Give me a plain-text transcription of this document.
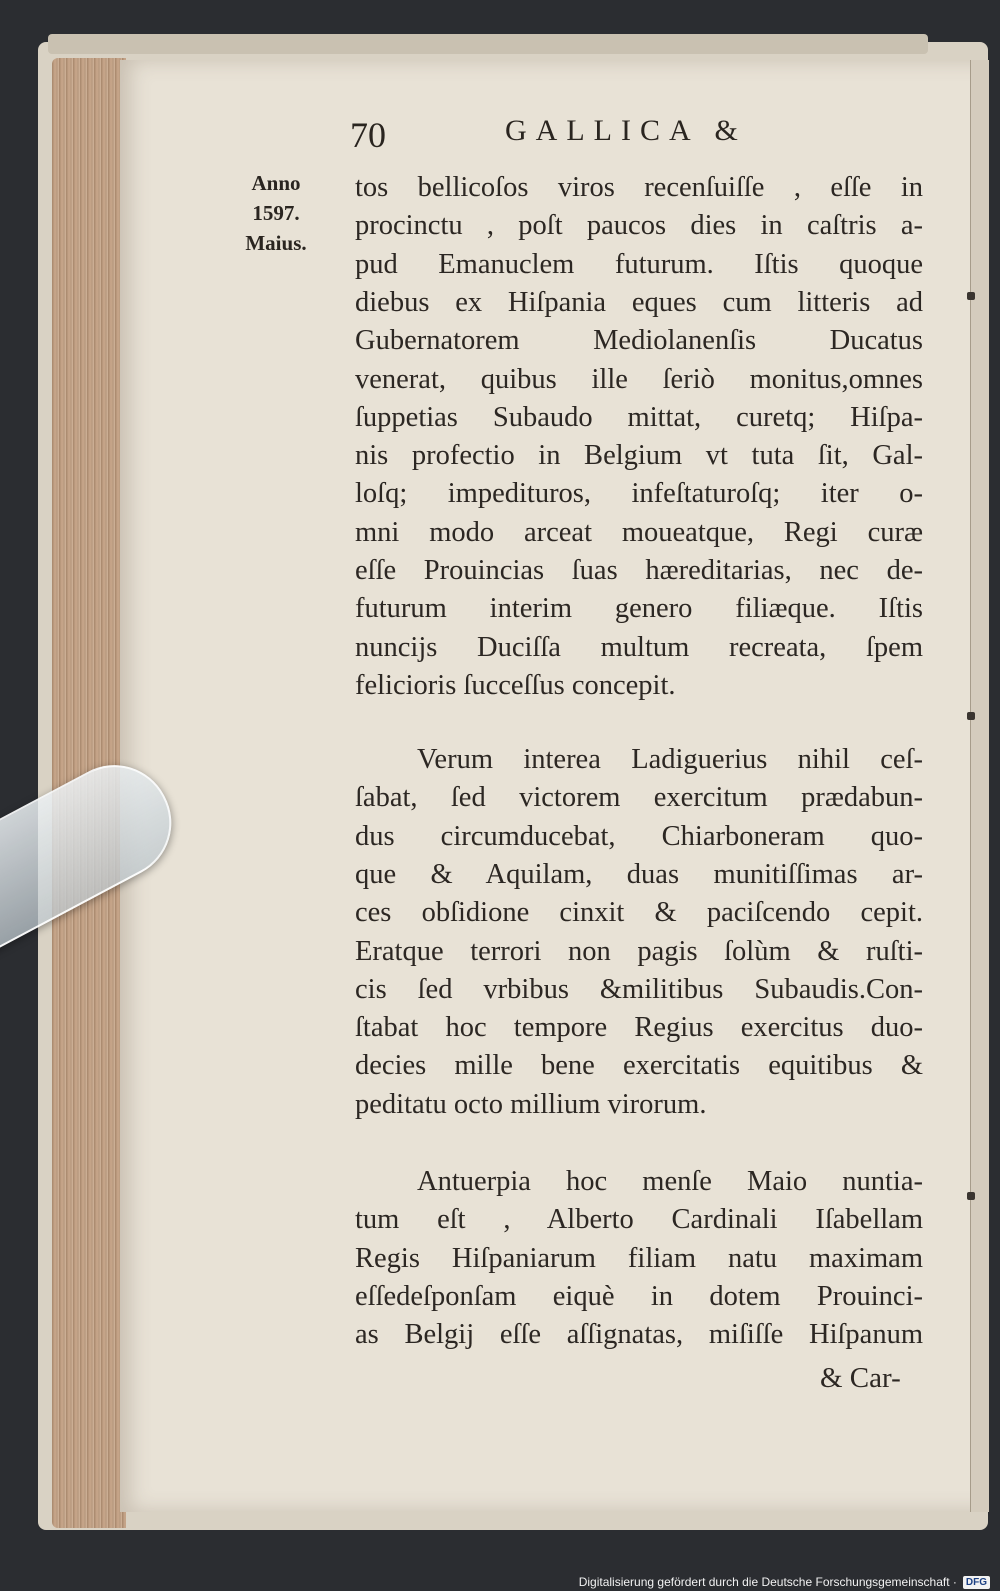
70	GALLICA &
Anno
1597.
Maius.
tos bellicoſos viros recenſuiſſe , eſſe in
procinctu , poſt paucos dies in caſtris a-
pud Emanuclem futurum. Iſtis quoque
diebus ex Hiſpania eques cum litteris ad
Gubernatorem Mediolanenſis Ducatus
venerat, quibus ille ſeriò monitus,omnes
ſuppetias Subaudo mittat, curetq; Hiſpa-
nis profectio in Belgium vt tuta ſit, Gal-
loſq; impedituros, infeſtaturoſq; iter o-
mni modo arceat moueatque, Regi curæ
eſſe Prouincias ſuas hæreditarias, nec de-
futurum interim genero filiæque. Iſtis
nuncijs Duciſſa multum recreata, ſpem
felicioris ſucceſſus concepit.
Verum interea Ladiguerius nihil ceſ-
ſabat, ſed victorem exercitum prædabun-
dus circumducebat, Chiarboneram quo-
que & Aquilam, duas munitiſſimas ar-
ces obſidione cinxit & paciſcendo cepit.
Eratque terrori non pagis ſolùm & ruſti-
cis ſed vrbibus &militibus Subaudis.Con-
ſtabat hoc tempore Regius exercitus duo-
decies mille bene exercitatis equitibus &
peditatu octo millium virorum.
Antuerpia hoc menſe Maio nuntia-
tum eſt , Alberto Cardinali Iſabellam
Regis Hiſpaniarum filiam natu maximam
eſſedeſponſam eiquè in dotem Prouinci-
as Belgij eſſe aſſignatas, miſiſſe Hiſpanum
& Car-
Digitalisierung gefördert durch die Deutsche Forschungsgemeinschaft · DFG
